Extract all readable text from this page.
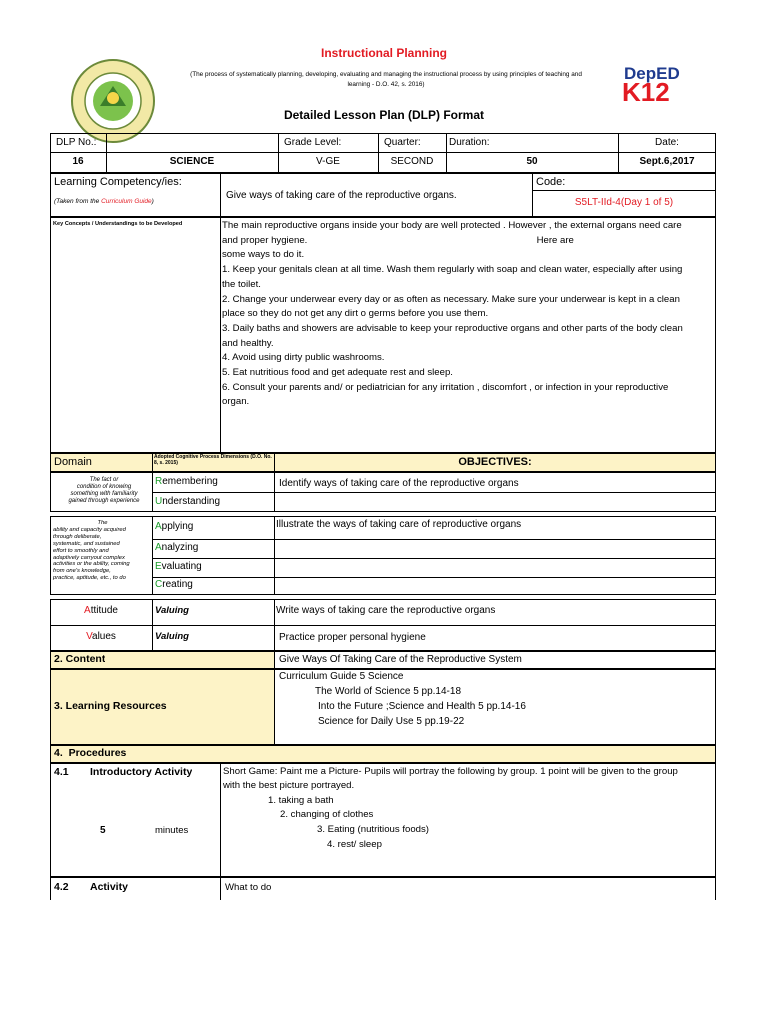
Instructional Planning
(The process of systematically planning, developing, evaluating and managing the instructional process by using principles of teaching and
learning - D.O. 42, s. 2016)
DepED
K12
Detailed Lesson Plan (DLP) Format
DLP No.:	Grade Level:	Quarter:	Duration:	Date:
16	SCIENCE	V-GE	SECOND	50	Sept.6,2017
Learning Competency/ies:
(Taken from the Curriculum Guide)
Give ways of taking care of the reproductive organs.
Code:
S5LT-IId-4(Day 1 of 5)
Key Concepts / Understandings to be Developed	The main reproductive organs inside your body are well protected . However , the external organs need care
and proper hygiene.                                                                                      Here are
some ways to do it.
1. Keep your genitals clean at all time. Wash them regularly with soap and clean water, especially after using
the toilet.
2. Change your underwear every day or as often as necessary. Make sure your underwear is kept in a clean
place so they do not get any dirt o germs before you use them.
3. Daily baths and showers are advisable to keep your reproductive organs and other parts of the body clean
and healthy.
4. Avoid using dirty public washrooms.
5. Eat nutritious food and get adequate rest and sleep.
6. Consult your parents and/ or pediatrician for any irritation , discomfort , or infection in your reproductive
organ.
Domain	Adopted Cognitive Process Dimensions (D.O. No. 8, s. 2015)	OBJECTIVES:
The fact or
condition of knowing
something with familiarity
gained through experience
Remembering	Identify ways of taking care of the reproductive organs
Understanding
The
ability and capacity acquired
through deliberate,
systematic, and sustained
effort to smoothly and
adaptively carryout complex
activities or the ability, coming
from one's knowledge,
practice, aptitude, etc., to do
Applying	Illustrate the ways of taking care of reproductive organs
Analyzing
Evaluating
Creating
Attitude	Valuing	Write ways of taking care the reproductive organs
Values	Valuing	Practice proper personal hygiene
2. Content	Give Ways Of Taking Care of the Reproductive System
3. Learning Resources
Curriculum Guide 5 Science
The World of Science 5 pp.14-18
Into the Future ;Science and Health 5 pp.14-16
Science for Daily Use 5 pp.19-22
4.  Procedures
4.1 Introductory Activity
5	minutes
Short Game: Paint me a Picture- Pupils will portray the following by group. 1 point will be given to the group
with the best picture portrayed.
1. taking a bath
2. changing of clothes
3. Eating (nutritious foods)
4. rest/ sleep
4.2 Activity	What to do
